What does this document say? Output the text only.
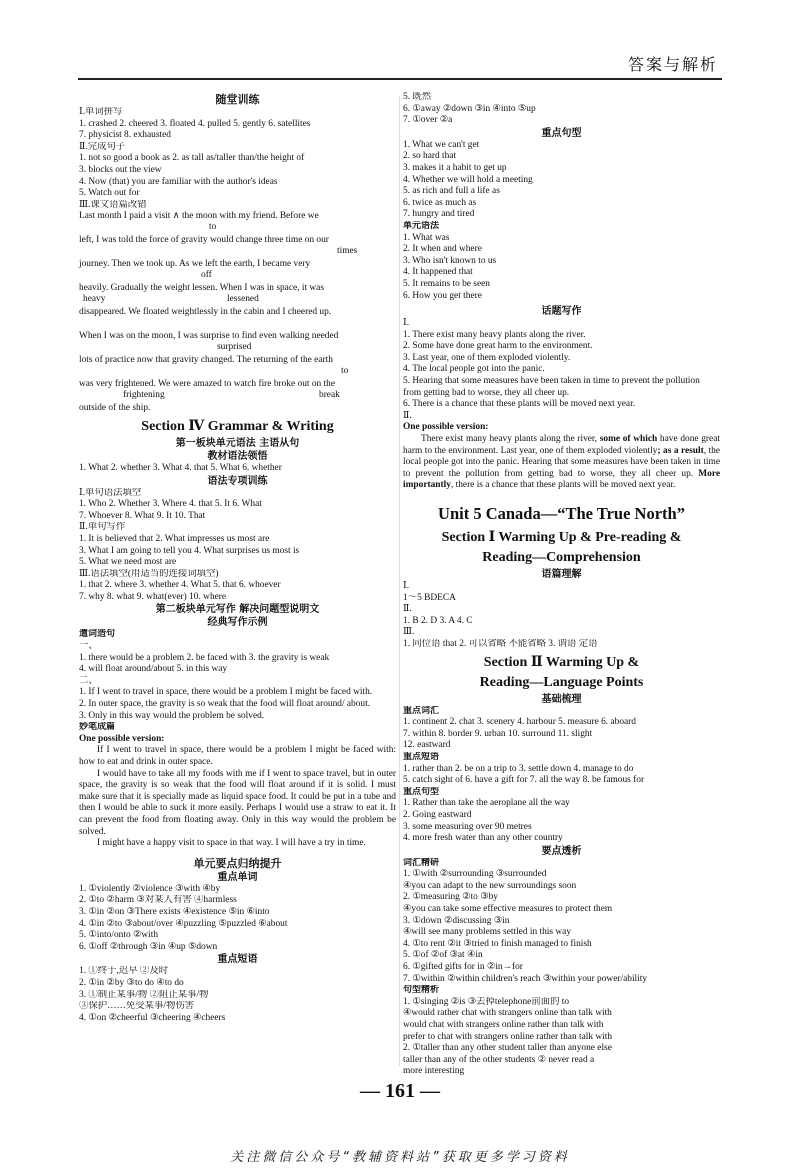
答案与解析
随堂训练
Ⅰ.单词拼写
1. crashed 2. cheered 3. floated 4. pulled 5. gently 6. satellites
7. physicist 8. exhausted
Ⅱ.完成句子
1. not so good a book as 2. as tall as/taller than/the height of
3. blocks out the view
4. Now (that) you are familiar with the author's ideas
5. Watch out for
Ⅲ.课文语篇改错
Last month I paid a visit ∧ the moon with my friend. Before we
to
left, I was told the force of gravity would change three time on our
times
journey. Then we took up. As we left the earth, I became very
off
heavily. Gradually the weight lessen. When I was in space, it was
heavy	lessened
disappeared. We floated weightlessly in the cabin and I cheered up.
When I was on the moon, I was surprise to find even walking needed
surprised
lots of practice now that gravity changed. The returning of the earth
to
was very frightened. We were amazed to watch fire broke out on the
frightening	break
outside of the ship.
Section Ⅳ Grammar & Writing
第一板块单元语法 主语从句
教材语法领悟
1. What 2. whether 3. What 4. that 5. What 6. whether
语法专项训练
Ⅰ.单句语法填空
1. Who 2. Whether 3. Where 4. that 5. It 6. What
7. Whoever 8. What 9. It 10. That
Ⅱ.单句写作
1. It is believed that 2. What impresses us most are
3. What I am going to tell you 4. What surprises us most is
5. What we need most are
Ⅲ.语法填空(用适当的连接词填空)
1. that 2. where 3. whether 4. What 5. that 6. whoever
7. why 8. what 9. what(ever) 10. where
第二板块单元写作 解决问题型说明文
经典写作示例
遣词造句
一、
1. there would be a problem 2. be faced with 3. the gravity is weak
4. will float around/about 5. in this way
二、
1. If I went to travel in space, there would be a problem I might be faced with.
2. In outer space, the gravity is so weak that the food will float around/ about.
3. Only in this way would the problem be solved.
妙笔成篇
One possible version:
If I went to travel in space, there would be a problem I might be faced with: how to eat and drink in outer space.
I would have to take all my foods with me if I went to space travel, but in outer space, the gravity is so weak that the food will float around if it is solid. I must make sure that it is specially made as liquid space food. It could be put in a tube and then I would be able to suck it more easily. Perhaps I would use a straw to eat it. It can prevent the food from floating away. Only in this way would the problem be solved.
I might have a happy visit to space in that way. I will have a try in time.
单元要点归纳提升
重点单词
1. ①violently ②violence ③with ④by
2. ①to ②harm ③对某人有害 ④harmless
3. ①in ②on ③There exists ④existence ⑤in ⑥into
4. ①in ②to ③about/over ④puzzling ⑤puzzled ⑥about
5. ①into/onto ②with
6. ①off ②through ③in ④up ⑤down
重点短语
1. ①终于,迟早 ②及时
2. ①in ②by ③to do ④to do
3. ①制止某事/物 ②阻止某事/物
③保护……免受某事/物伤害
4. ①on ②cheerful ③cheering ④cheers
5. 既然
6. ①away ②down ③in ④into ⑤up
7. ①over ②a
重点句型
1. What we can't get
2. so hard that
3. makes it a habit to get up
4. Whether we will hold a meeting
5. as rich and full a life as
6. twice as much as
7. hungry and tired
单元语法
1. What was
2. It when and where
3. Who isn't known to us
4. It happened that
5. It remains to be seen
6. How you get there
话题写作
Ⅰ.
1. There exist many heavy plants along the river.
2. Some have done great harm to the environment.
3. Last year, one of them exploded violently.
4. The local people got into the panic.
5. Hearing that some measures have been taken in time to prevent the pollution from getting bad to worse, they all cheer up.
6. There is a chance that these plants will be moved next year.
Ⅱ.
One possible version:
There exist many heavy plants along the river, some of which have done great harm to the environment. Last year, one of them exploded violently; as a result, the local people got into the panic. Hearing that some measures have been taken in time to prevent the pollution from getting bad to worse, they all cheer up. More importantly, there is a chance that these plants will be moved next year.
Unit 5 Canada—“The True North”
Section Ⅰ Warming Up & Pre-reading &
Reading—Comprehension
语篇理解
Ⅰ.
1～5 BDECA
Ⅱ.
1. B 2. D 3. A 4. C
Ⅲ.
1. 同位语 that 2. 可以省略 不能省略 3. 谓语 定语
Section Ⅱ Warming Up &
Reading—Language Points
基础梳理
重点词汇
1. continent 2. chat 3. scenery 4. harbour 5. measure 6. aboard
7. within 8. border 9. urban 10. surround 11. slight
12. eastward
重点短语
1. rather than 2. be on a trip to 3. settle down 4. manage to do
5. catch sight of 6. have a gift for 7. all the way 8. be famous for
重点句型
1. Rather than take the aeroplane all the way
2. Going eastward
3. some measuring over 90 metres
4. more fresh water than any other country
要点透析
词汇精研
1. ①with ②surrounding ③surrounded
④you can adapt to the new surroundings soon
2. ①measuring ②to ③by
④you can take some effective measures to protect them
3. ①down ②discussing ③in
④will see many problems settled in this way
4. ①to rent ②it ③tried to finish managed to finish
5. ①of ②of ③at ④in
6. ①gifted gifts for in ②in→for
7. ①within ②within children's reach ③within your power/ability
句型精析
1. ①singing ②is ③去掉telephone前面的 to
④would rather chat with strangers online than talk with
would chat with strangers online rather than talk with
prefer to chat with strangers online rather than talk with
2. ①taller than any other student taller than anyone else
taller than any of the other students ② never read a
more interesting
— 161 —
关注微信公众号“教辅资料站”获取更多学习资料
